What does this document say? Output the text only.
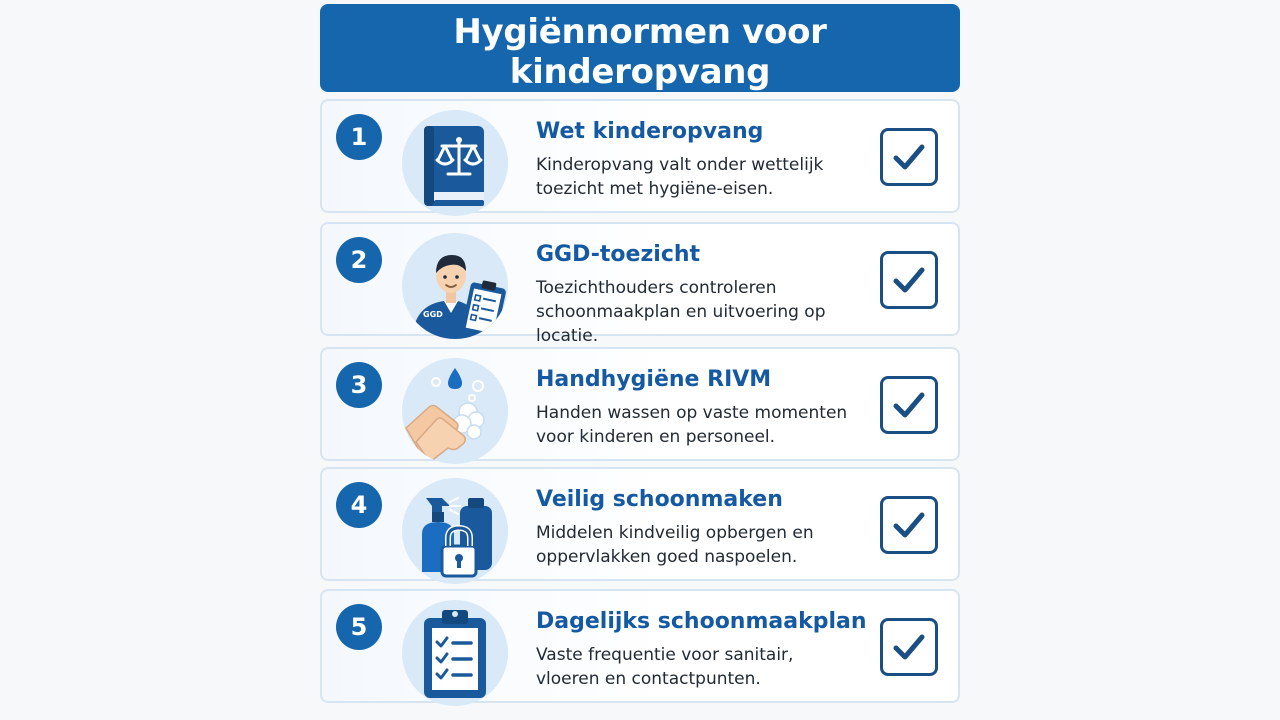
Hygiënnormen voor kinderopvang
1	Wet kinderopvang
Kinderopvang valt onder wettelijk toezicht met hygiëne-eisen.
2
GGD
GGD-toezicht
Toezichthouders controleren schoonmaakplan en uitvoering op locatie.
3	Handhygiëne RIVM
Handen wassen op vaste momenten voor kinderen en personeel.
4	Veilig schoonmaken
Middelen kindveilig opbergen en oppervlakken goed naspoelen.
5	Dagelijks schoonmaakplan
Vaste frequentie voor sanitair, vloeren en contactpunten.
